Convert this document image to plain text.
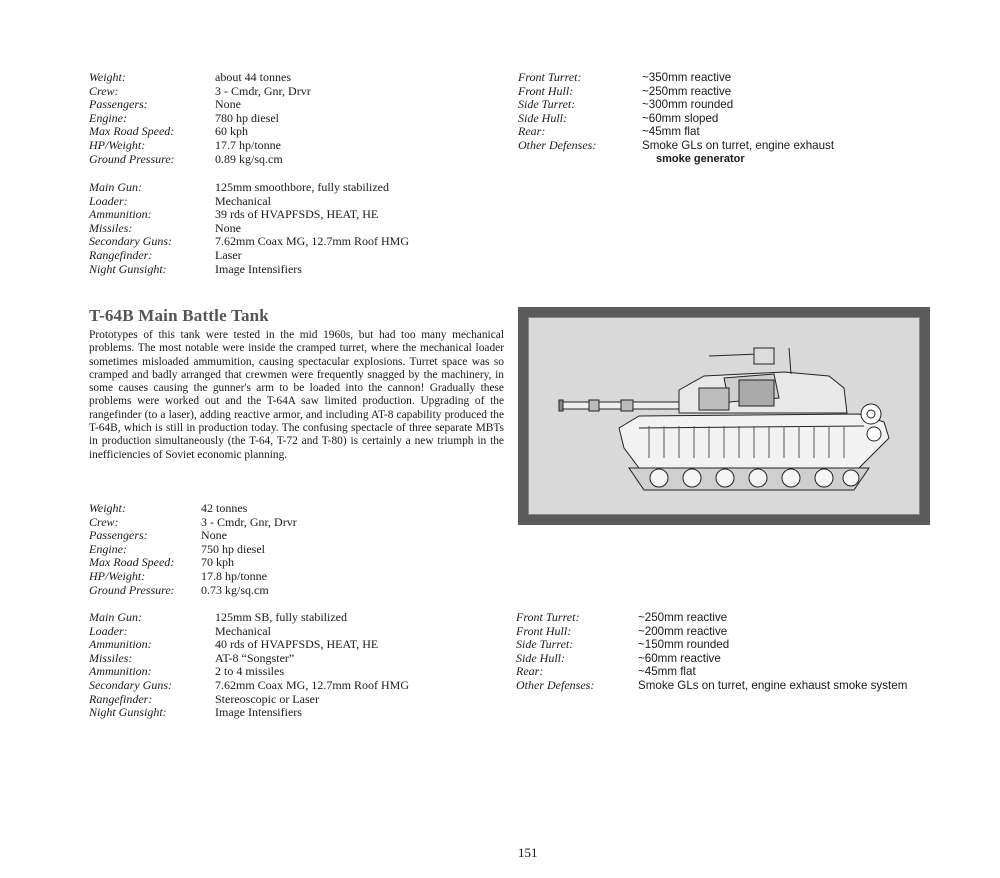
Weight:	about 44 tonnes
Crew:	3 - Cmdr, Gnr, Drvr
Passengers:	None
Engine:	780 hp diesel
Max Road Speed:	60 kph
HP/Weight:	17.7 hp/tonne
Ground Pressure:	0.89 kg/sq.cm
Main Gun:	125mm smoothbore, fully stabilized
Loader:	Mechanical
Ammunition:	39 rds of HVAPFSDS, HEAT, HE
Missiles:	None
Secondary Guns:	7.62mm Coax MG, 12.7mm Roof HMG
Rangefinder:	Laser
Night Gunsight:	Image Intensifiers
Front Turret:	~350mm reactive
Front Hull:	~250mm reactive
Side Turret:	~300mm rounded
Side Hull:	~60mm sloped
Rear:	~45mm flat
Other Defenses:	Smoke GLs on turret, engine exhaust
smoke generator
T-64B Main Battle Tank
Prototypes of this tank were tested in the mid 1960s, but had too many mechanical problems. The most notable were inside the cramped turret, where the mechanical loader sometimes misloaded ammumition, causing spectacular explosions. Turret space was so cramped and badly arranged that crewmen were frequently snagged by the machinery, in some causes causing the gunner's arm to be loaded into the cannon! Gradually these problems were worked out and the T-64A saw limited production. Upgrading of the rangefinder (to a laser), adding reactive armor, and including AT-8 capability produced the T-64B, which is still in production today. The confusing spectacle of three separate MBTs in production simultaneously (the T-64, T-72 and T-80) is certainly a new triumph in the inefficiencies of Soviet economic planning.
Weight:	42 tonnes
Crew:	3 - Cmdr, Gnr, Drvr
Passengers:	None
Engine:	750 hp diesel
Max Road Speed:	70 kph
HP/Weight:	17.8 hp/tonne
Ground Pressure:	0.73 kg/sq.cm
Main Gun:	125mm SB, fully stabilized
Loader:	Mechanical
Ammunition:	40 rds of HVAPFSDS, HEAT, HE
Missiles:	AT-8 “Songster”
Ammunition:	2 to 4 missiles
Secondary Guns:	7.62mm Coax MG, 12.7mm Roof HMG
Rangefinder:	Stereoscopic or Laser
Night Gunsight:	Image Intensifiers
Front Turret:	~250mm reactive
Front Hull:	~200mm reactive
Side Turret:	~150mm rounded
Side Hull:	~60mm reactive
Rear:	~45mm flat
Other Defenses:	Smoke GLs on turret, engine exhaust smoke system
151
